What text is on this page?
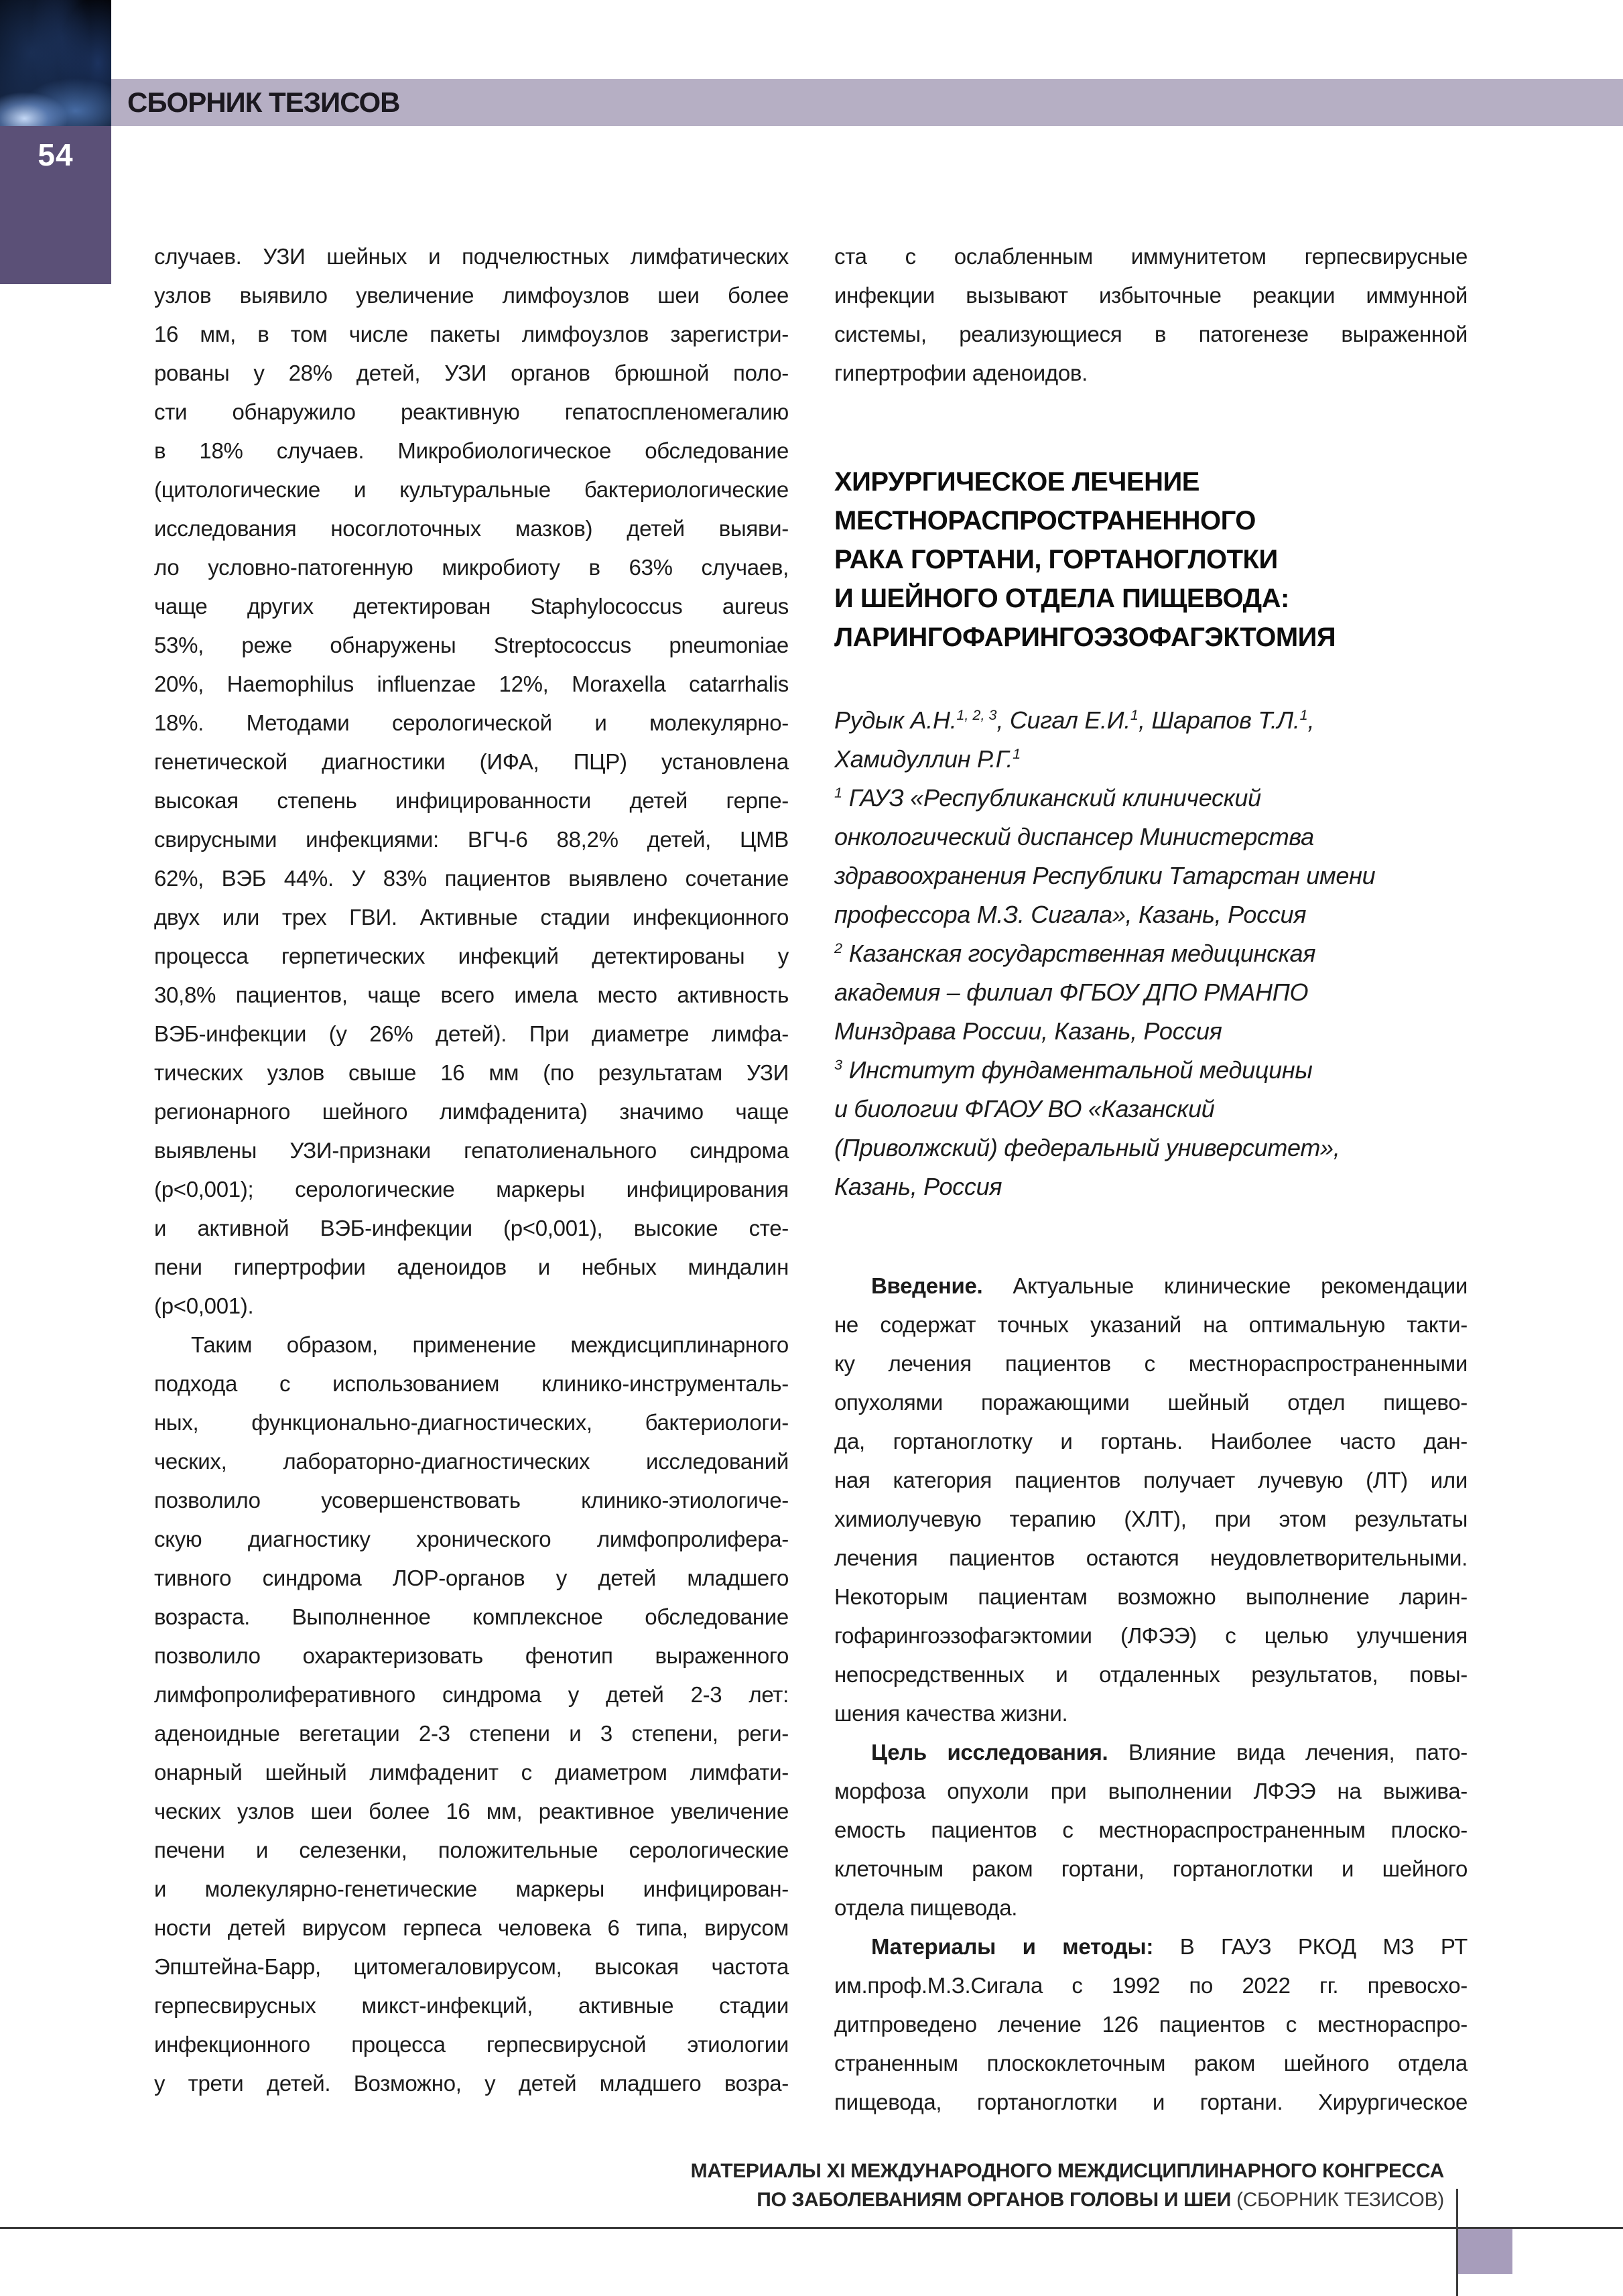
СБОРНИК ТЕЗИСОВ
54
случаев. УЗИ шейных и подчелюстных лимфатических
узлов выявило увеличение лимфоузлов шеи более
16 мм, в том числе пакеты лимфоузлов зарегистри-
рованы у 28% детей, УЗИ органов брюшной поло-
сти обнаружило реактивную гепатоспленомегалию
в 18% случаев. Микробиологическое обследование
(цитологические и культуральные бактериологические
исследования носоглоточных мазков) детей выяви-
ло условно-патогенную микробиоту в 63% случаев,
чаще других детектирован Staphylococcus aureus
53%, реже обнаружены Streptococcus pneumoniae
20%, Haemophilus influenzae 12%, Moraxella catarrhalis
18%. Методами серологической и молекулярно-
генетической диагностики (ИФА, ПЦР) установлена
высокая степень инфицированности детей герпе-
свирусными инфекциями: ВГЧ-6 88,2% детей, ЦМВ
62%, ВЭБ 44%. У 83% пациентов выявлено сочетание
двух или трех ГВИ. Активные стадии инфекционного
процесса герпетических инфекций детектированы у
30,8% пациентов, чаще всего имела место активность
ВЭБ-инфекции (у 26% детей). При диаметре лимфа-
тических узлов свыше 16 мм (по результатам УЗИ
регионарного шейного лимфаденита) значимо чаще
выявлены УЗИ-признаки гепатолиенального синдрома
(p<0,001); серологические маркеры инфицирования
и активной ВЭБ-инфекции (p<0,001), высокие сте-
пени гипертрофии аденоидов и небных миндалин
(p<0,001).
Таким образом, применение междисциплинарного
подхода с использованием клинико-инструменталь-
ных, функционально-диагностических, бактериологи-
ческих, лабораторно-диагностических исследований
позволило усовершенствовать клинико-этиологиче-
скую диагностику хронического лимфопролифера-
тивного синдрома ЛОР-органов у детей младшего
возраста. Выполненное комплексное обследование
позволило охарактеризовать фенотип выраженного
лимфопролиферативного синдрома у детей 2-3 лет:
аденоидные вегетации 2-3 степени и 3 степени, реги-
онарный шейный лимфаденит с диаметром лимфати-
ческих узлов шеи более 16 мм, реактивное увеличение
печени и селезенки, положительные серологические
и молекулярно-генетические маркеры инфицирован-
ности детей вирусом герпеса человека 6 типа, вирусом
Эпштейна-Барр, цитомегаловирусом, высокая частота
герпесвирусных микст-инфекций, активные стадии
инфекционного процесса герпесвирусной этиологии
у трети детей. Возможно, у детей младшего возра-
ста с ослабленным иммунитетом герпесвирусные
инфекции вызывают избыточные реакции иммунной
системы, реализующиеся в патогенезе выраженной
гипертрофии аденоидов.
ХИРУРГИЧЕСКОЕ ЛЕЧЕНИЕ
МЕСТНОРАСПРОСТРАНЕННОГО
РАКА ГОРТАНИ, ГОРТАНОГЛОТКИ
И ШЕЙНОГО ОТДЕЛА ПИЩЕВОДА:
ЛАРИНГОФАРИНГОЭЗОФАГЭКТОМИЯ
Рудык А.Н.$^{1, 2, 3}$, Сигал Е.И.$^1$, Шарапов Т.Л.$^1$,
Хамидуллин Р.Г.$^1$
$^1$ ГАУЗ «Республиканский клинический
онкологический диспансер Министерства
здравоохранения Республики Татарстан имени
профессора М.З. Сигала», Казань, Россия
$^2$ Казанская государственная медицинская
академия – филиал ФГБОУ ДПО РМАНПО
Минздрава России, Казань, Россия
$^3$ Институт фундаментальной медицины
и биологии ФГАОУ ВО «Казанский
(Приволжский) федеральный университет»,
Казань, Россия
Введение. Актуальные клинические рекомендации
не содержат точных указаний на оптимальную такти-
ку лечения пациентов с местнораспространенными
опухолями поражающими шейный отдел пищево-
да, гортаноглотку и гортань. Наиболее часто дан-
ная категория пациентов получает лучевую (ЛТ) или
химиолучевую терапию (ХЛТ), при этом результаты
лечения пациентов остаются неудовлетворительными.
Некоторым пациентам возможно выполнение ларин-
гофарингоэзофагэктомии (ЛФЭЭ) с целью улучшения
непосредственных и отдаленных результатов, повы-
шения качества жизни.
Цель исследования. Влияние вида лечения, пато-
морфоза опухоли при выполнении ЛФЭЭ на выжива-
емость пациентов с местнораспространенным плоско-
клеточным раком гортани, гортаноглотки и шейного
отдела пищевода.
Материалы и методы: В ГАУЗ РКОД МЗ РТ
им.проф.М.З.Сигала с 1992 по 2022 гг. превосхо-
дитпроведено лечение 126 пациентов с местнораспро-
страненным плоскоклеточным раком шейного отдела
пищевода, гортаноглотки и гортани. Хирургическое
МАТЕРИАЛЫ XI МЕЖДУНАРОДНОГО МЕЖДИСЦИПЛИНАРНОГО КОНГРЕССА
ПО ЗАБОЛЕВАНИЯМ ОРГАНОВ ГОЛОВЫ И ШЕИ (СБОРНИК ТЕЗИСОВ)
